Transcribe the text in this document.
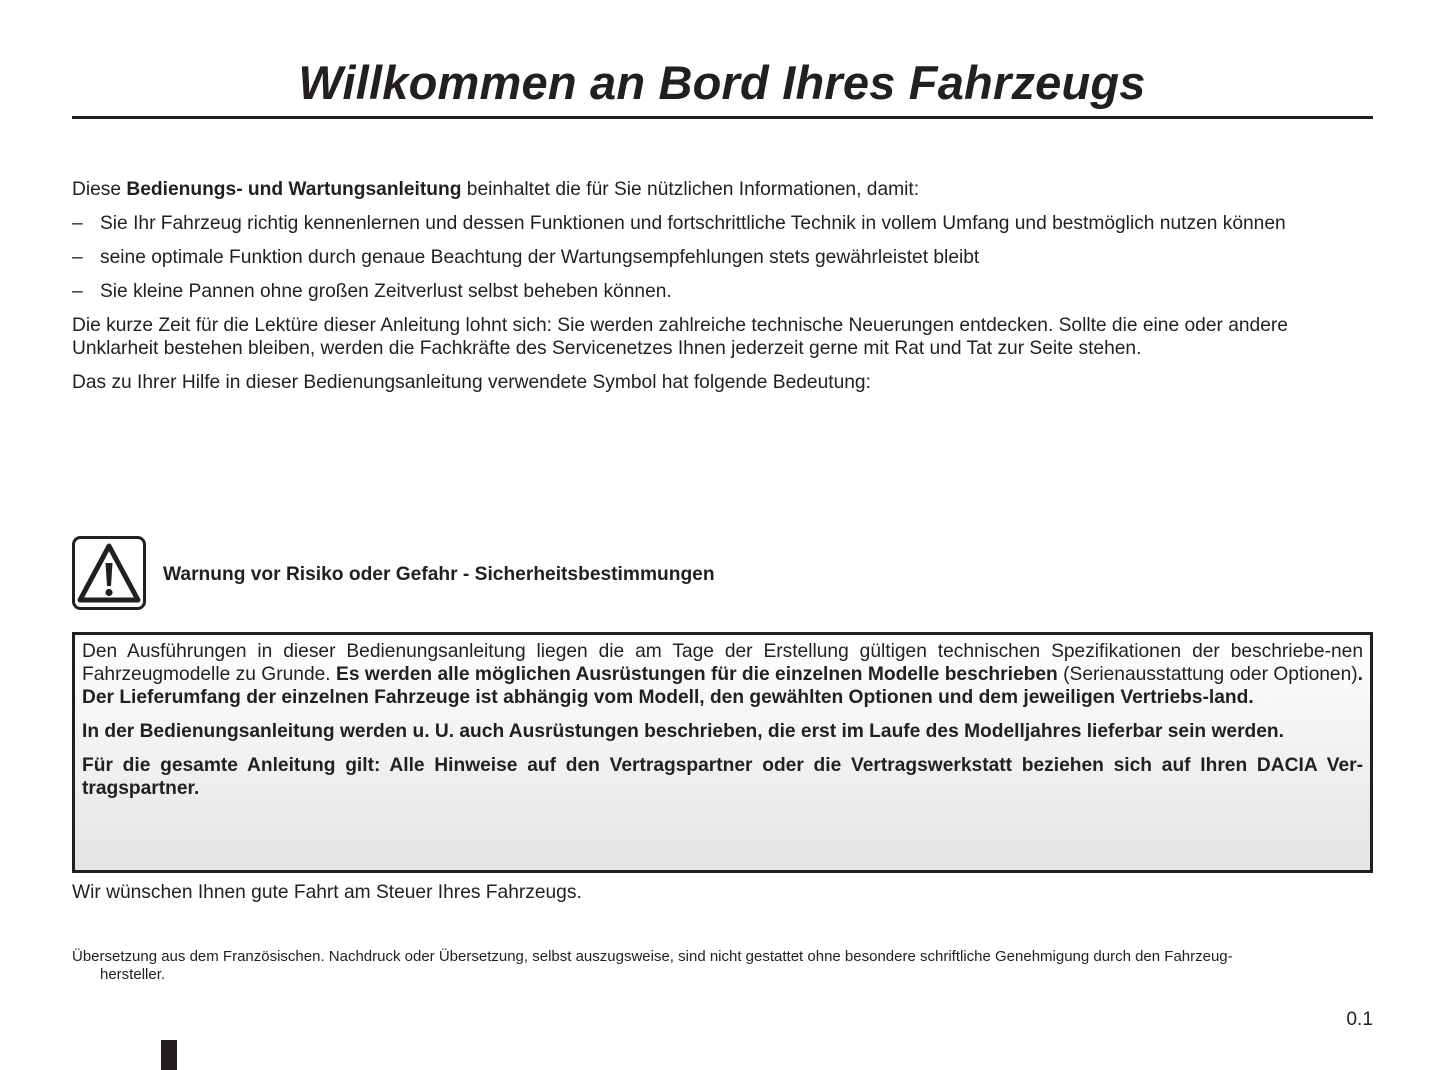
Willkommen an Bord Ihres Fahrzeugs

Diese Bedienungs- und Wartungsanleitung beinhaltet die für Sie nützlichen Informationen, damit:

– Sie Ihr Fahrzeug richtig kennenlernen und dessen Funktionen und fortschrittliche Technik in vollem Umfang und bestmöglich nutzen können
– seine optimale Funktion durch genaue Beachtung der Wartungsempfehlungen stets gewährleistet bleibt
– Sie kleine Pannen ohne großen Zeitverlust selbst beheben können.

Die kurze Zeit für die Lektüre dieser Anleitung lohnt sich: Sie werden zahlreiche technische Neuerungen entdecken. Sollte die eine oder andere Unklarheit bestehen bleiben, werden die Fachkräfte des Servicenetzes Ihnen jederzeit gerne mit Rat und Tat zur Seite stehen.

Das zu Ihrer Hilfe in dieser Bedienungsanleitung verwendete Symbol hat folgende Bedeutung:

Warnung vor Risiko oder Gefahr - Sicherheitsbestimmungen

Den Ausführungen in dieser Bedienungsanleitung liegen die am Tage der Erstellung gültigen technischen Spezifikationen der beschriebe-nen Fahrzeugmodelle zu Grunde. Es werden alle möglichen Ausrüstungen für die einzelnen Modelle beschrieben (Serienausstattung oder Optionen). Der Lieferumfang der einzelnen Fahrzeuge ist abhängig vom Modell, den gewählten Optionen und dem jeweiligen Vertriebs-land.

In der Bedienungsanleitung werden u. U. auch Ausrüstungen beschrieben, die erst im Laufe des Modelljahres lieferbar sein werden.

Für die gesamte Anleitung gilt: Alle Hinweise auf den Vertragspartner oder die Vertragswerkstatt beziehen sich auf Ihren DACIA Ver-tragspartner.

Wir wünschen Ihnen gute Fahrt am Steuer Ihres Fahrzeugs.

Übersetzung aus dem Französischen. Nachdruck oder Übersetzung, selbst auszugsweise, sind nicht gestattet ohne besondere schriftliche Genehmigung durch den Fahrzeug-
hersteller.
0.1
